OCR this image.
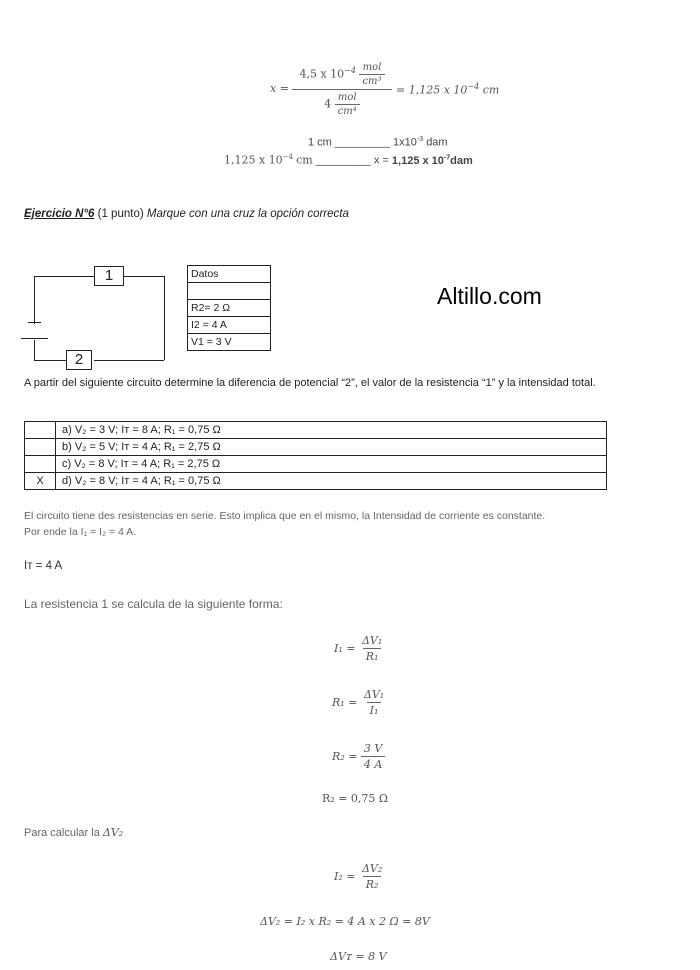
x =
4,5 x $10^{-4} \frac{\text{mol}}{\text{cm³}}$
$4 \frac{\text{mol}}{\text{cm⁴}}$
= 1,125 x $10^{-4}$ cm
1 cm _________ $1x10^{-3}$ dam
1,125 x $10^{-4}$ cm _________ x = 1,125 x $10^{-7}dam$
Ejercicio N°6 (1 punto) Marque con una cruz la opción correcta
1
2
Datos

R2= 2 Ω
I2 = 4 A
V1 = 3 V
Altillo.com
A partir del siguiente circuito determine la diferencia de potencial “2”, el valor de la resistencia “1” y la intensidad total.
	a) V₂ = 3 V; Iᴛ = 8 A; R₁ = 0,75 Ω
	b) V₂ = 5 V; Iᴛ = 4 A; R₁ = 2,75 Ω
	c) V₂ = 8 V; Iᴛ = 4 A; R₁ = 2,75 Ω
X	d) V₂ = 8 V; Iᴛ = 4 A; R₁ = 0,75 Ω
El circuito tiene des resistencias en serie. Esto implica que en el mismo, la Intensidad de corriente es constante.
Por ende la I₁ = I₂ = 4 A.
Iᴛ = 4 A
La resistencia 1 se calcula de la siguiente forma:
I₁ =
$\frac{\text{ΔV₁}}{\text{R₁}}$
R₁ =
$\frac{\text{ΔV₁}}{\text{I₁}}$
R₂ =
$\frac{3 V}{4 A}$
R₂ = 0,75 Ω
Para calcular la ΔV₂
I₂ =
$\frac{\text{ΔV₂}}{\text{R₂}}$
ΔV₂ = I₂ x R₂ = 4 A x 2 Ω = 8V
ΔVᴛ = 8 V
